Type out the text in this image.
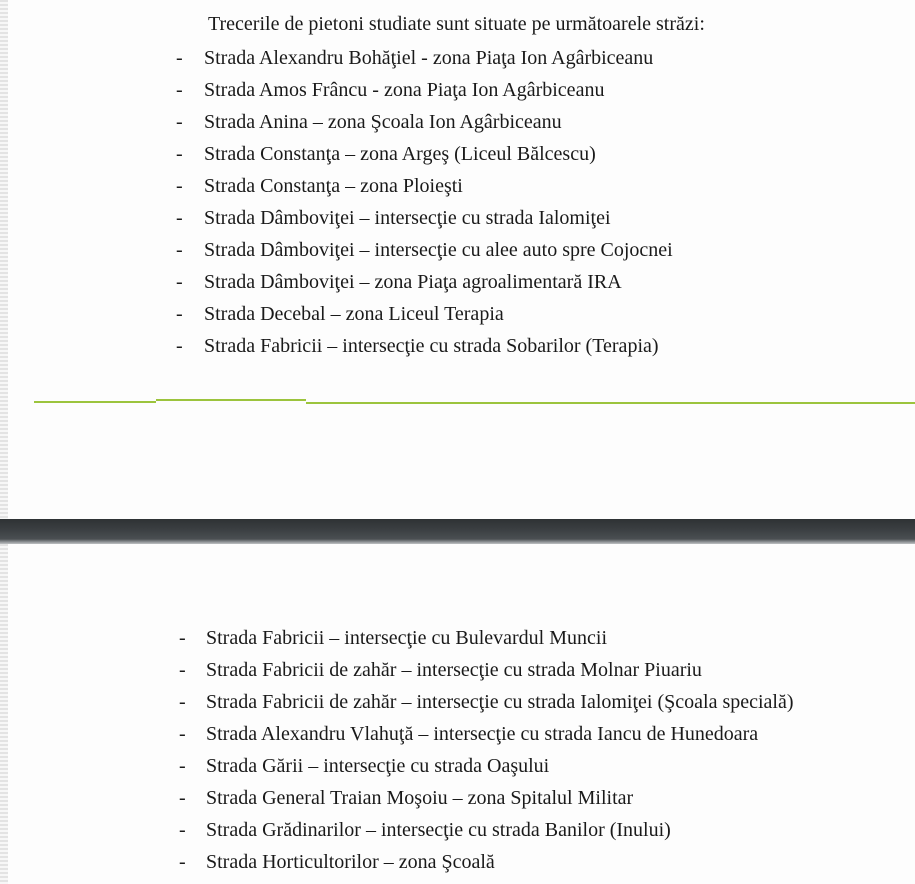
Trecerile de pietoni studiate sunt situate pe următoarele străzi:
- Strada Alexandru Bohăţiel - zona Piaţa Ion Agârbiceanu
- Strada Amos Frâncu - zona Piaţa Ion Agârbiceanu
- Strada Anina – zona Şcoala Ion Agârbiceanu
- Strada Constanţa – zona Argeş (Liceul Bălcescu)
- Strada Constanţa – zona Ploieşti
- Strada Dâmboviţei – intersecţie cu strada Ialomiţei
- Strada Dâmboviţei – intersecţie cu alee auto spre Cojocnei
- Strada Dâmboviţei – zona Piaţa agroalimentară IRA
- Strada Decebal – zona Liceul Terapia
- Strada Fabricii – intersecţie cu strada Sobarilor (Terapia)
- Strada Fabricii – intersecţie cu Bulevardul Muncii
- Strada Fabricii de zahăr – intersecţie cu strada Molnar Piuariu
- Strada Fabricii de zahăr – intersecţie cu strada Ialomiţei (Şcoala specială)
- Strada Alexandru Vlahuţă – intersecţie cu strada Iancu de Hunedoara
- Strada Gării – intersecţie cu strada Oaşului
- Strada General Traian Moşoiu – zona Spitalul Militar
- Strada Grădinarilor – intersecţie cu strada Banilor (Inului)
- Strada Horticultorilor – zona Şcoală
